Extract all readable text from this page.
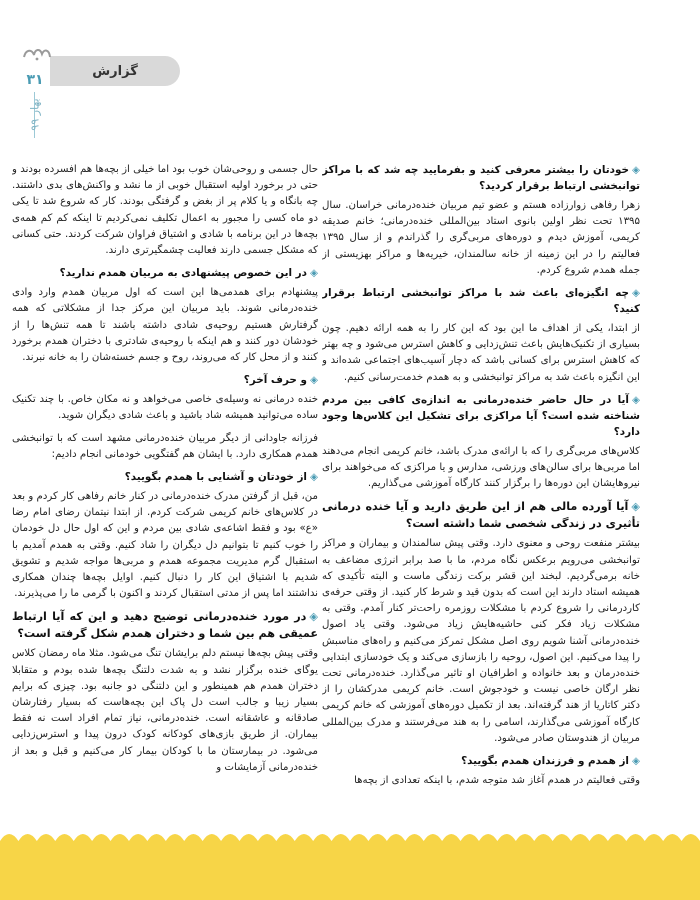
گزارش
۳۱
بهار ۹۹
◈خودتان را بیشتر معرفی کنید و بفرمایید چه شد که با مراکز توانبخشی ارتباط برقرار کردید؟

زهرا رفاهی زوارزاده هستم و عضو تیم مربیان خنده‌درمانی خراسان. سال ۱۳۹۵ تحت نظر اولین بانوی استاد بین‌المللی خنده‌درمانی؛ خانم صدیقه کریمی، آموزش دیدم و دوره‌های مربی‌گری را گذراندم و از سال ۱۳۹۵ فعالیتم را در این زمینه از خانه سالمندان، خیریه‌ها و مراکز بهزیستی از جمله همدم شروع کردم.

◈چه انگیزه‌ای باعث شد با مراکز توانبخشی ارتباط برقرار کنید؟

از ابتدا، یکی از اهداف ما این بود که این کار را به همه ارائه دهیم. چون بسیاری از تکنیک‌هایش باعث تنش‌زدایی و کاهش استرس می‌شود و چه بهتر که کاهش استرس برای کسانی باشد که دچار آسیب‌های اجتماعی شده‌اند و این انگیزه باعث شد به مراکز توانبخشی و به همدم خدمت‌رسانی کنیم.

◈آیا در حال حاضر خنده‌درمانی به اندازه‌ی کافی بین مردم شناخته شده است؟ آیا مراکزی برای تشکیل این کلاس‌ها وجود دارد؟

کلاس‌های مربی‌گری را که با ارائه‌ی مدرک باشد، خانم کریمی انجام می‌دهند اما مربی‌ها برای سالن‌های ورزشی، مدارس و یا مراکزی که می‌خواهند برای نیروهایشان این دوره‌ها را برگزار کنند کارگاه آموزشی می‌گذاریم.

◈آیا آورده مالی هم از این طریق دارید و آیا خنده درمانی تأثیری در زندگی شخصی شما داشته است؟

بیشتر منفعت روحی و معنوی دارد. وقتی پیش سالمندان و بیماران و مراکز توانبخشی می‌رویم برعکس نگاه مردم، ما با صد برابر انرژی مضاعف به خانه برمی‌گردیم. لبخند این قشر برکت زندگی ماست و البته تأکیدی که همیشه استاد دارند این است که بدون قید و شرط کار کنید. از وقتی حرفه‌ی کاردرمانی را شروع کردم با مشکلات روزمره راحت‌تر کنار آمدم. وقتی به مشکلات زیاد فکر کنی حاشیه‌هایش زیاد می‌شود. وقتی یاد اصول خنده‌درمانی آشنا شویم روی اصل مشکل تمرکز می‌کنیم و راه‌های مناسبش را پیدا می‌کنیم. این اصول، روحیه را بازسازی می‌کند و یک خودسازی ابتدایی خنده‌درمان و بعد خانواده و اطرافیان او تاثیر می‌گذارد. خنده‌درمانی تحت نظر ارگان خاصی نیست و خودجوش است. خانم کریمی مدرکشان را از دکتر کاتاریا از هند گرفته‌اند. بعد از تکمیل دوره‌های آموزشی که خانم کریمی کارگاه آموزشی می‌گذارند، اسامی را به هند می‌فرستند و مدرک بین‌المللی مربیان از هندوستان صادر می‌شود.

◈از همدم و فرزندان همدم بگویید؟

وقتی فعالیتم در همدم آغاز شد متوجه شدم، با اینکه تعدادی از بچه‌ها

حال جسمی و روحی‌شان خوب بود اما خیلی از بچه‌ها هم افسرده بودند و حتی در برخورد اولیه استقبال خوبی از ما نشد و واکنش‌های بدی داشتند. چه بانگاه و یا کلام پر از بغض و گرفتگی بودند. کار که شروع شد تا یکی دو ماه کسی را مجبور به اعمال تکلیف نمی‌کردیم تا اینکه کم کم همه‌ی بچه‌ها در این برنامه با شادی و اشتیاق فراوان شرکت کردند. حتی کسانی که مشکل جسمی دارند فعالیت چشمگیرتری دارند.

◈در این خصوص پیشنهادی به مربیان همدم ندارید؟

پیشنهادم برای همدمی‌ها این است که اول مربیان همدم وارد وادی خنده‌درمانی شوند. باید مربیان این مرکز جدا از مشکلاتی که همه گرفتارش هستیم روحیه‌ی شادی داشته باشند تا همه تنش‌ها را از خودشان دور کنند و هم اینکه با روحیه‌ی شادتری با دختران همدم برخورد کنند و از محل کار که می‌روند، روح و جسم خسته‌شان را به خانه نبرند.

◈و حرف آخر؟

خنده درمانی نه وسیله‌ی خاصی می‌خواهد و نه مکان خاص. با چند تکنیک ساده می‌توانید همیشه شاد باشید و باعث شادی دیگران شوید.

فرزانه جاودانی از دیگر مربیان خنده‌درمانی مشهد است که با توانبخشی همدم همکاری دارد. با ایشان هم گفتگویی خودمانی انجام دادیم:

◈از خودتان و آشنایی با همدم بگویید؟

من، قبل از گرفتن مدرک خنده‌درمانی در کنار خانم رفاهی کار کردم و بعد در کلاس‌های خانم کریمی شرکت کردم. از ابتدا نیتمان رضای امام رضا «ع» بود و فقط اشاعه‌ی شادی بین مردم و این که اول حال دل خودمان را خوب کنیم تا بتوانیم دل دیگران را شاد کنیم. وقتی به همدم آمدیم با استقبال گرم مدیریت مجموعه همدم و مربی‌ها مواجه شدیم و تشویق شدیم با اشتیاق این کار را دنبال کنیم. اوایل بچه‌ها چندان همکاری نداشتند اما پس از مدتی استقبال کردند و اکنون با گرمی ما را می‌پذیرند.

◈در مورد خنده‌درمانی توضیح دهید و این که آیا ارتباط عمیقی هم بین شما و دختران همدم شکل گرفته است؟

وقتی پیش بچه‌ها نیستم دلم برایشان تنگ می‌شود. مثلا ماه رمضان کلاس یوگای خنده برگزار نشد و به شدت دلتنگ بچه‌ها شده بودم و متقابلا دختران همدم هم همینطور و این دلتنگی دو جانبه بود. چیزی که برایم بسیار زیبا و جالب است دل پاک این بچه‌هاست که بسیار رفتارشان صادقانه و عاشقانه است. خنده‌درمانی، نیاز تمام افراد است نه فقط بیماران. از طریق بازی‌های کودکانه کودک درون پیدا و استرس‌زدایی می‌شود. در بیمارستان ما با کودکان بیمار کار می‌کنیم و قبل و بعد از خنده‌درمانی آزمایشات و
